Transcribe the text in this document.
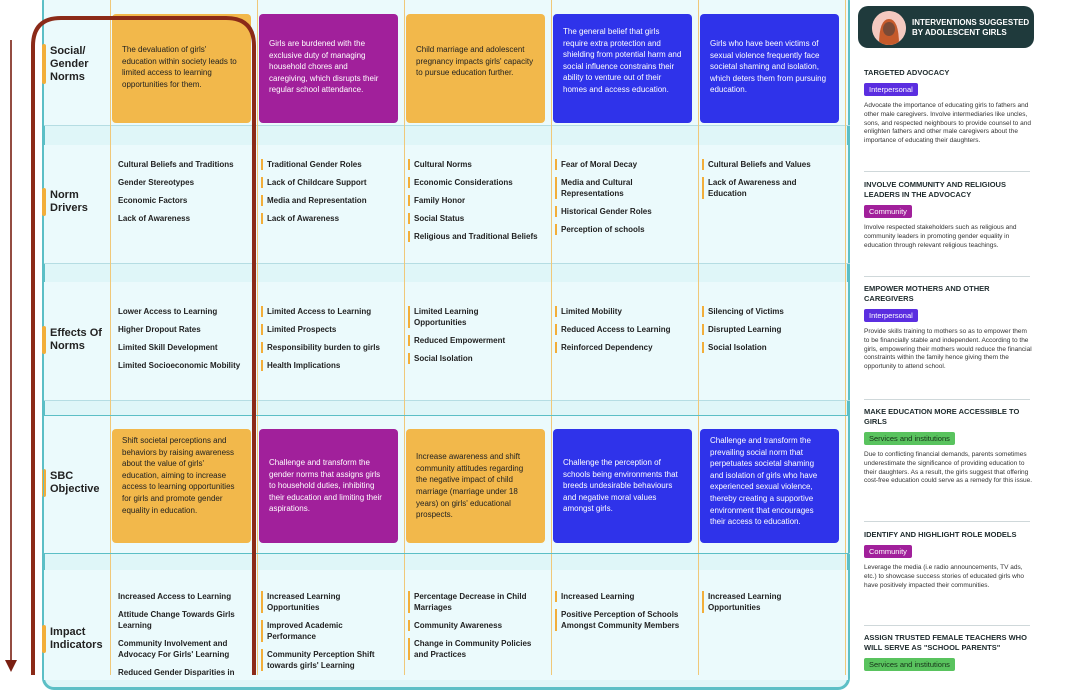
Social/
Gender
Norms
Norm
Drivers
Effects Of
Norms
SBC
Objective
Impact
Indicators
The devaluation of girls' education within society leads to limited access to learning opportunities for them.
Girls are burdened with the exclusive duty of managing household chores and caregiving, which disrupts their regular school attendance.
Child marriage and adolescent pregnancy impacts girls' capacity to pursue education further.
The general belief that girls require extra protection and shielding from potential harm and social influence constrains their ability to venture out of their homes and access education.
Girls who have been victims of sexual violence frequently face societal shaming and isolation, which deters them from pursuing education.
Cultural Beliefs and Traditions
Gender Stereotypes
Economic Factors
Lack of Awareness
Traditional Gender Roles
Lack of Childcare Support
Media and Representation
Lack of Awareness
Cultural Norms
Economic Considerations
Family Honor
Social Status
Religious and Traditional Beliefs
Fear of Moral Decay
Media and Cultural Representations
Historical Gender Roles
Perception of schools
Cultural Beliefs and Values
Lack of Awareness and Education
Lower Access to Learning
Higher Dropout Rates
Limited Skill Development
Limited Socioeconomic Mobility
Limited Access to Learning
Limited Prospects
Responsibility burden to girls
Health Implications
Limited Learning Opportunities
Reduced Empowerment
Social Isolation
Limited Mobility
Reduced Access to Learning
Reinforced Dependency
Silencing of Victims
Disrupted Learning
Social Isolation
Shift societal perceptions and behaviors by raising awareness about the value of girls' education, aiming to increase access to learning opportunities for girls and promote gender equality in education.
Challenge and transform the gender norms that assigns girls to household duties, inhibiting their education and limiting their aspirations.
Increase awareness and shift community attitudes regarding the negative impact of child marriage (marriage under 18 years) on girls' educational prospects.
Challenge the perception of schools being environments that breeds undesirable behaviours and negative moral values amongst girls.
Challenge and transform the prevailing social norm that perpetuates societal shaming and isolation of girls who have experienced sexual violence, thereby creating a supportive environment that encourages their access to education.
Increased Access to Learning
Attitude Change Towards Girls Learning
Community Involvement and Advocacy For Girls' Learning
Reduced Gender Disparities in
Increased Learning Opportunities
Improved Academic Performance
Community Perception Shift towards girls' Learning
Percentage Decrease in Child Marriages
Community Awareness
Change in Community Policies and Practices
Increased Learning
Positive Perception of Schools Amongst Community Members
Increased Learning Opportunities
INTERVENTIONS SUGGESTED BY ADOLESCENT GIRLS
TARGETED ADVOCACY
Interpersonal
Advocate the importance of educating girls to fathers and other male caregivers. Involve intermediaries like uncles, sons, and respected neighbours to provide counsel to and enlighten fathers and other male caregivers about the importance of educating their daughters.
INVOLVE COMMUNITY AND RELIGIOUS LEADERS IN THE ADVOCACY
Community
Involve respected stakeholders such as religious and community leaders in promoting gender equality in education through relevant religious teachings.
EMPOWER MOTHERS AND OTHER CAREGIVERS
Interpersonal
Provide skills training to mothers so as to empower them to be financially stable and independent. According to the girls, empowering their mothers would reduce the financial constraints within the family hence giving them the opportunity to attend school.
MAKE EDUCATION MORE ACCESSIBLE TO GIRLS
Services and institutions
Due to conflicting financial demands, parents sometimes underestimate the significance of providing education to their daughters. As a result, the girls suggest that offering cost-free education could serve as a remedy for this issue.
IDENTIFY AND HIGHLIGHT ROLE MODELS
Community
Leverage the media (i.e radio announcements, TV ads, etc.) to showcase success stories of educated girls who have positively impacted their communities.
ASSIGN TRUSTED FEMALE TEACHERS WHO WILL SERVE AS "SCHOOL PARENTS"
Services and institutions
